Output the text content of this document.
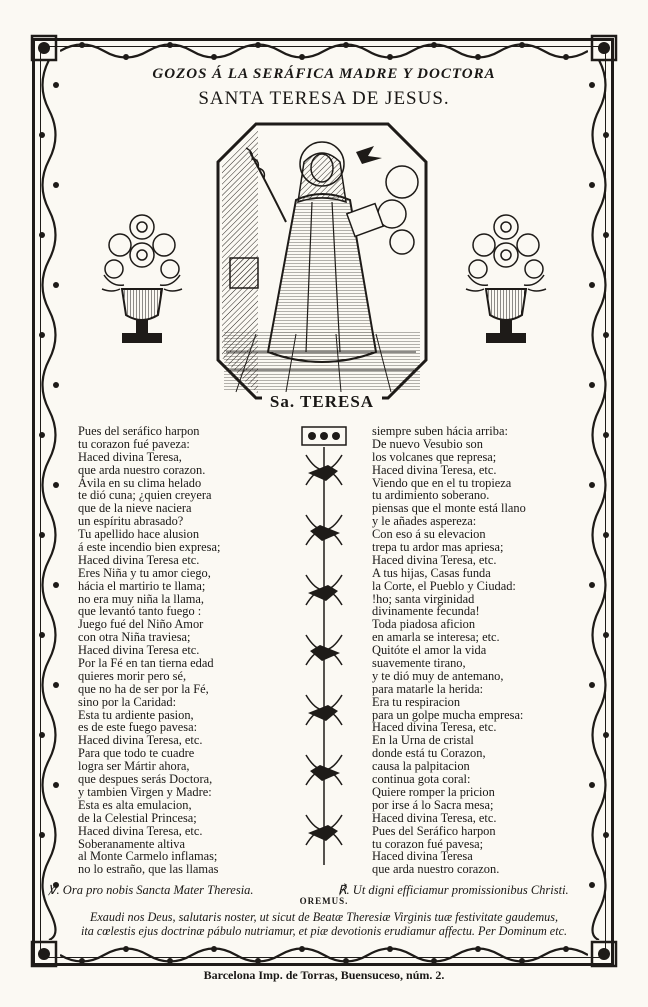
GOZOS Á LA SERÁFICA MADRE Y DOCTORA
SANTA TERESA DE JESUS.
Sa. TERESA
Pues del seráfico harpon
tu corazon fué paveza:
Haced divina Teresa,
que arda nuestro corazon.
Ávila en su clima helado
te dió cuna; ¿quien creyera
que de la nieve naciera
un espíritu abrasado?
Tu apellido hace alusion
á este incendio bien expresa;
Haced divina Teresa etc.
Eres Niña y tu amor ciego,
hácia el martirio te llama;
no era muy niña la llama,
que levantó tanto fuego :
Juego fué del Niño Amor
con otra Niña traviesa;
Haced divina Teresa etc.
Por la Fé en tan tierna edad
quieres morir pero sé,
que no ha de ser por la Fé,
sino por la Caridad:
Esta tu ardiente pasion,
es de este fuego pavesa:
Haced divina Teresa, etc.
Para que todo te cuadre
logra ser Mártir ahora,
que despues serás Doctora,
y tambien Virgen y Madre:
Esta es alta emulacion,
de la Celestial Princesa;
Haced divina Teresa, etc.
Soberanamente altiva
al Monte Carmelo inflamas;
no lo estraño, que las llamas
siempre suben hácia arriba:
De nuevo Vesubio son
los volcanes que represa;
Haced divina Teresa, etc.
Viendo que en el tu tropieza
tu ardimiento soberano.
piensas que el monte está llano
y le añades aspereza:
Con eso á su elevacion
trepa tu ardor mas apriesa;
Haced divina Teresa, etc.
A tus hijas, Casas funda
la Corte, el Pueblo y Ciudad:
!ho; santa virginidad
divinamente fecunda!
Toda piadosa aficion
en amarla se interesa; etc.
Quitóte el amor la vida
suavemente tirano,
y te dió muy de antemano,
para matarle la herida:
Era tu respiracion
para un golpe mucha empresa:
Haced divina Teresa, etc.
En la Urna de cristal
donde está tu Corazon,
causa la palpitacion
continua gota coral:
Quiere romper la pricion
por irse á lo Sacra mesa;
Haced divina Teresa, etc.
Pues del Seráfico harpon
tu corazon fué pavesa;
Haced divina Teresa
que arda nuestro corazon.
℣. Ora pro nobis Sancta Mater Theresia.	℟. Ut digni efficiamur promissionibus Christi.
OREMUS.
Exaudi nos Deus, salutaris noster, ut sicut de Beatæ Theresiæ Virginis tuæ festivitate gaudemus,
ita cœlestis ejus doctrinæ pábulo nutriamur, et piæ devotionis erudiamur affectu. Per Dominum etc.
Barcelona Imp. de Torras, Buensuceso, núm. 2.
